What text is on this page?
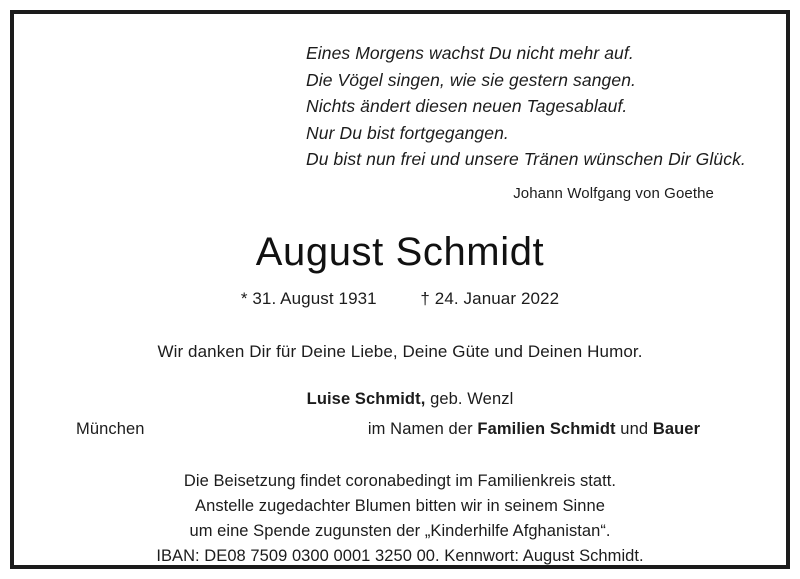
Eines Morgens wachst Du nicht mehr auf.
Die Vögel singen, wie sie gestern sangen.
Nichts ändert diesen neuen Tagesablauf.
Nur Du bist fortgegangen.
Du bist nun frei und unsere Tränen wünschen Dir Glück.
Johann Wolfgang von Goethe
August Schmidt
* 31. August 1931	† 24. Januar 2022
Wir danken Dir für Deine Liebe, Deine Güte und Deinen Humor.
Luise Schmidt, geb. Wenzl
München	im Namen der Familien Schmidt und Bauer
Die Beisetzung findet coronabedingt im Familienkreis statt.
Anstelle zugedachter Blumen bitten wir in seinem Sinne
um eine Spende zugunsten der „Kinderhilfe Afghanistan“.
IBAN: DE08 7509 0300 0001 3250 00. Kennwort: August Schmidt.
